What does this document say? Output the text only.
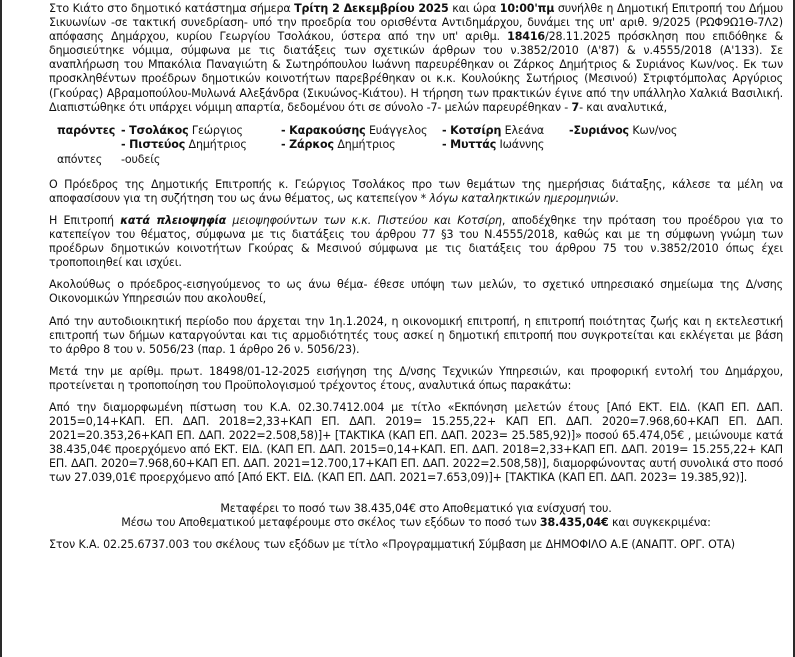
Στο Κιάτο στο δημοτικό κατάστημα σήμερα Τρίτη 2 Δεκεμβρίου 2025 και ώρα 10:00'πμ συνήλθε η Δημοτική Επιτροπή του Δήμου Σικυωνίων -σε τακτική συνεδρίαση- υπό την προεδρία του ορισθέντα Αντιδημάρχου, δυνάμει της υπ' αριθ. 9/2025 (ΡΩΦ9Ω1Θ-7Λ2) απόφασης Δημάρχου, κυρίου Γεωργίου Τσολάκου, ύστερα από την υπ' αριθμ. 18416/28.11.2025 πρόσκληση που επιδόθηκε & δημοσιεύτηκε νόμιμα, σύμφωνα με τις διατάξεις των σχετικών άρθρων του ν.3852/2010 (Α'87) & ν.4555/2018 (Α'133). Σε αναπλήρωση του Μπακόλια Παναγιώτη & Σωτηρόπουλου Ιωάννη παρευρέθηκαν οι Ζάρκος Δημήτριος & Συριάνος Κων/νος. Εκ των προσκληθέντων προέδρων δημοτικών κοινοτήτων παρεβρέθηκαν οι κ.κ. Κουλούκης Σωτήριος (Μεσινού) Στριφτόμπολας Αργύριος (Γκούρας) Αβραμοπούλου-Μυλωνά Αλεξάνδρα (Σικυώνος-Κιάτου). Η τήρηση των πρακτικών έγινε από την υπάλληλο Χαλκιά Βασιλική. Διαπιστώθηκε ότι υπάρχει νόμιμη απαρτία, δεδομένου ότι σε σύνολο -7- μελών παρευρέθηκαν - 7- και αναλυτικά,

παρόντες - Τσολάκος Γεώργιος	- Καρακούσης Ευάγγελος - Κοτσίρη Ελεάνα -Συριάνος Κων/νος
- Πιστεύος Δημήτριος	- Ζάρκος Δημήτριος	- Μυττάς Ιωάννης
απόντες -ουδείς

Ο Πρόεδρος της Δημοτικής Επιτροπής κ. Γεώργιος Τσολάκος προ των θεμάτων της ημερήσιας διάταξης, κάλεσε τα μέλη να αποφασίσουν για τη συζήτηση του ως άνω θέματος, ως κατεπείγον * λόγω καταληκτικών ημερομηνιών.

Η Επιτροπή κατά πλειοψηφία μειοψηφούντων των κ.κ. Πιστεύου και Κοτσίρη, αποδέχθηκε την πρόταση του προέδρου για το κατεπείγον του θέματος, σύμφωνα με τις διατάξεις του άρθρου 77 §3 του Ν.4555/2018, καθώς και με τη σύμφωνη γνώμη των προέδρων δημοτικών κοινοτήτων Γκούρας & Μεσινού σύμφωνα με τις διατάξεις του άρθρου 75 του ν.3852/2010 όπως έχει τροποποιηθεί και ισχύει.

Ακολούθως ο πρόεδρος-εισηγούμενος το ως άνω θέμα- έθεσε υπόψη των μελών, το σχετικό υπηρεσιακό σημείωμα της Δ/νσης Οικονομικών Υπηρεσιών που ακολουθεί,

Από την αυτοδιοικητική περίοδο που άρχεται την 1η.1.2024, η οικονομική επιτροπή, η επιτροπή ποιότητας ζωής και η εκτελεστική επιτροπή των δήμων καταργούνται και τις αρμοδιότητές τους ασκεί η δημοτική επιτροπή που συγκροτείται και εκλέγεται με βάση το άρθρο 8 του ν. 5056/23 (παρ. 1 άρθρο 26 ν. 5056/23).

Μετά την με αρίθμ. πρωτ. 18498/01-12-2025 εισήγηση της Δ/νσης Τεχνικών Υπηρεσιών, και προφορική εντολή του Δημάρχου, προτείνεται η τροποποίηση του Προϋπολογισμού τρέχοντος έτους, αναλυτικά όπως παρακάτω:

Από την διαμορφωμένη πίστωση του Κ.Α. 02.30.7412.004 με τίτλο «Εκπόνηση μελετών έτους [Από ΕΚΤ. ΕΙΔ. (ΚΑΠ ΕΠ. ΔΑΠ. 2015=0,14+ΚΑΠ. ΕΠ. ΔΑΠ. 2018=2,33+ΚΑΠ ΕΠ. ΔΑΠ. 2019= 15.255,22+ ΚΑΠ ΕΠ. ΔΑΠ. 2020=7.968,60+ΚΑΠ ΕΠ. ΔΑΠ. 2021=20.353,26+ΚΑΠ ΕΠ. ΔΑΠ. 2022=2.508,58)]+ [ΤΑΚΤΙΚΑ (ΚΑΠ ΕΠ. ΔΑΠ. 2023= 25.585,92)]» ποσού 65.474,05€ , μειώνουμε κατά 38.435,04€ προερχόμενο από ΕΚΤ. ΕΙΔ. (ΚΑΠ ΕΠ. ΔΑΠ. 2015=0,14+ΚΑΠ. ΕΠ. ΔΑΠ. 2018=2,33+ΚΑΠ ΕΠ. ΔΑΠ. 2019= 15.255,22+ ΚΑΠ ΕΠ. ΔΑΠ. 2020=7.968,60+ΚΑΠ ΕΠ. ΔΑΠ. 2021=12.700,17+ΚΑΠ ΕΠ. ΔΑΠ. 2022=2.508,58)], διαμορφώνοντας αυτή συνολικά στο ποσό των 27.039,01€ προερχόμενο από [Από ΕΚΤ. ΕΙΔ. (ΚΑΠ ΕΠ. ΔΑΠ. 2021=7.653,09)]+ [ΤΑΚΤΙΚΑ (ΚΑΠ ΕΠ. ΔΑΠ. 2023= 19.385,92)].

Μεταφέρει το ποσό των 38.435,04€ στο Αποθεματικό για ενίσχυσή του.

Μέσω του Αποθεματικού μεταφέρουμε στο σκέλος των εξόδων το ποσό των 38.435,04€ και συγκεκριμένα:

Στον Κ.Α. 02.25.6737.003 του σκέλους των εξόδων με τίτλο «Προγραμματική Σύμβαση με ΔΗΜΟΦΙΛΟ Α.Ε (ΑΝΑΠΤ. ΟΡΓ. ΟΤΑ)
